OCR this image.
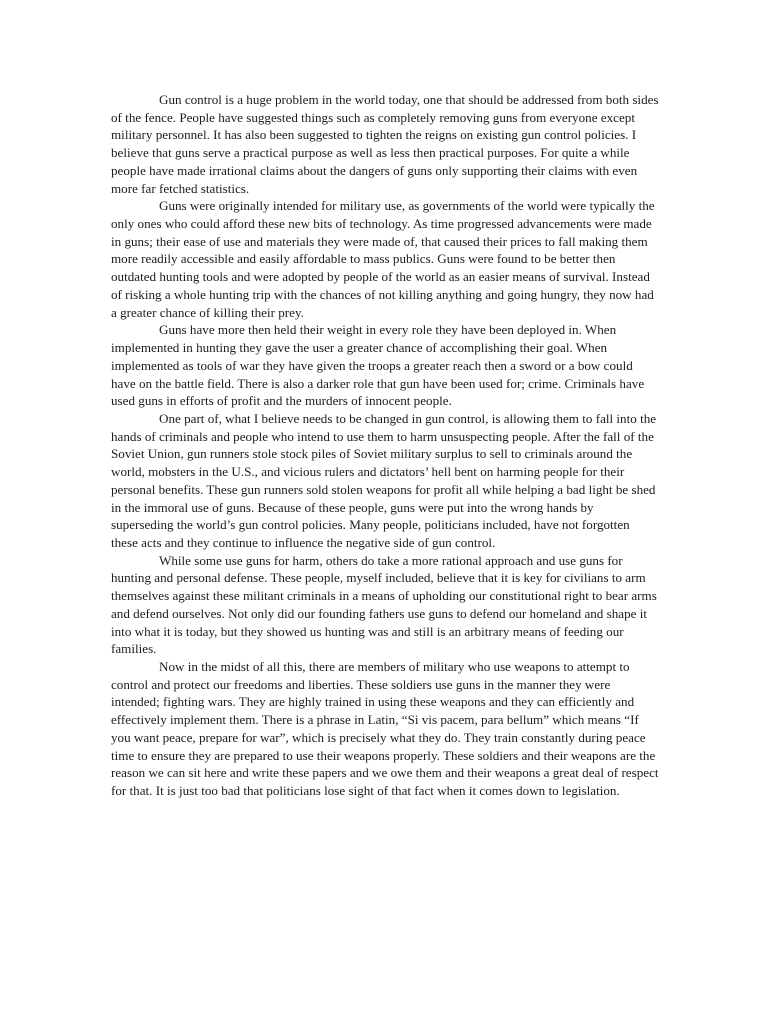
Gun control is a huge problem in the world today, one that should be addressed from both sides of the fence. People have suggested things such as completely removing guns from everyone except military personnel. It has also been suggested to tighten the reigns on existing gun control policies. I believe that guns serve a practical purpose as well as less then practical purposes. For quite a while people have made irrational claims about the dangers of guns only supporting their claims with even more far fetched statistics.

Guns were originally intended for military use, as governments of the world were typically the only ones who could afford these new bits of technology. As time progressed advancements were made in guns; their ease of use and materials they were made of, that caused their prices to fall making them more readily accessible and easily affordable to mass publics. Guns were found to be better then outdated hunting tools and were adopted by people of the world as an easier means of survival. Instead of risking a whole hunting trip with the chances of not killing anything and going hungry, they now had a greater chance of killing their prey.

Guns have more then held their weight in every role they have been deployed in. When implemented in hunting they gave the user a greater chance of accomplishing their goal. When implemented as tools of war they have given the troops a greater reach then a sword or a bow could have on the battle field. There is also a darker role that gun have been used for; crime. Criminals have used guns in efforts of profit and the murders of innocent people.

One part of, what I believe needs to be changed in gun control, is allowing them to fall into the hands of criminals and people who intend to use them to harm unsuspecting people. After the fall of the Soviet Union, gun runners stole stock piles of Soviet military surplus to sell to criminals around the world, mobsters in the U.S., and vicious rulers and dictators’ hell bent on harming people for their personal benefits. These gun runners sold stolen weapons for profit all while helping a bad light be shed in the immoral use of guns. Because of these people, guns were put into the wrong hands by superseding the world’s gun control policies. Many people, politicians included, have not forgotten these acts and they continue to influence the negative side of gun control.

While some use guns for harm, others do take a more rational approach and use guns for hunting and personal defense. These people, myself included, believe that it is key for civilians to arm themselves against these militant criminals in a means of upholding our constitutional right to bear arms and defend ourselves. Not only did our founding fathers use guns to defend our homeland and shape it into what it is today, but they showed us hunting was and still is an arbitrary means of feeding our families.

Now in the midst of all this, there are members of military who use weapons to attempt to control and protect our freedoms and liberties. These soldiers use guns in the manner they were intended; fighting wars. They are highly trained in using these weapons and they can efficiently and effectively implement them. There is a phrase in Latin, “Si vis pacem, para bellum” which means “If you want peace, prepare for war”, which is precisely what they do. They train constantly during peace time to ensure they are prepared to use their weapons properly. These soldiers and their weapons are the reason we can sit here and write these papers and we owe them and their weapons a great deal of respect for that. It is just too bad that politicians lose sight of that fact when it comes down to legislation.
